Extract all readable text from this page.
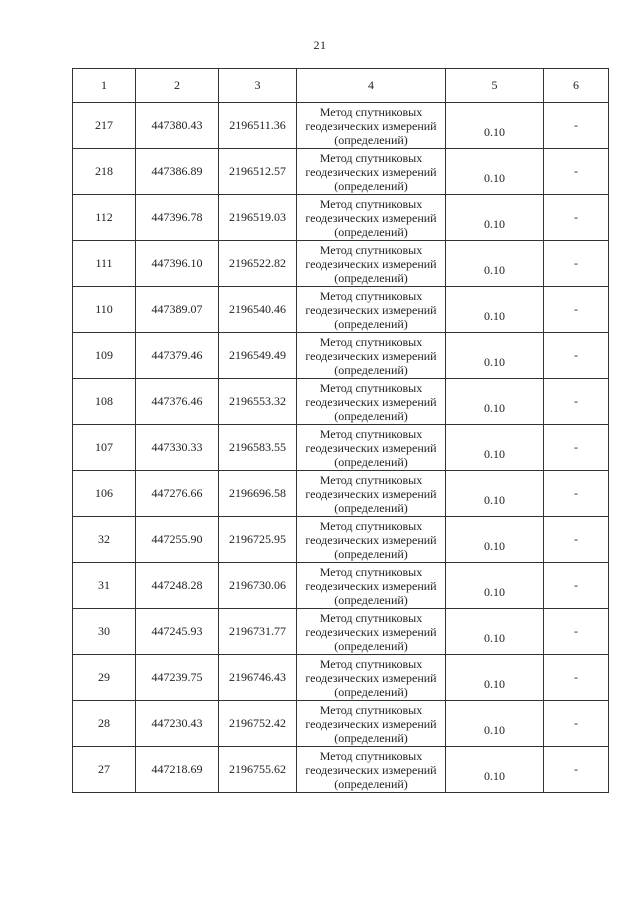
21
1	2	3	4	5	6
217	447380.43	2196511.36	Метод спутниковых
геодезических измерений
(определений)	0.10	-
218	447386.89	2196512.57	Метод спутниковых
геодезических измерений
(определений)	0.10	-
112	447396.78	2196519.03	Метод спутниковых
геодезических измерений
(определений)	0.10	-
111	447396.10	2196522.82	Метод спутниковых
геодезических измерений
(определений)	0.10	-
110	447389.07	2196540.46	Метод спутниковых
геодезических измерений
(определений)	0.10	-
109	447379.46	2196549.49	Метод спутниковых
геодезических измерений
(определений)	0.10	-
108	447376.46	2196553.32	Метод спутниковых
геодезических измерений
(определений)	0.10	-
107	447330.33	2196583.55	Метод спутниковых
геодезических измерений
(определений)	0.10	-
106	447276.66	2196696.58	Метод спутниковых
геодезических измерений
(определений)	0.10	-
32	447255.90	2196725.95	Метод спутниковых
геодезических измерений
(определений)	0.10	-
31	447248.28	2196730.06	Метод спутниковых
геодезических измерений
(определений)	0.10	-
30	447245.93	2196731.77	Метод спутниковых
геодезических измерений
(определений)	0.10	-
29	447239.75	2196746.43	Метод спутниковых
геодезических измерений
(определений)	0.10	-
28	447230.43	2196752.42	Метод спутниковых
геодезических измерений
(определений)	0.10	-
27	447218.69	2196755.62	Метод спутниковых
геодезических измерений
(определений)	0.10	-
